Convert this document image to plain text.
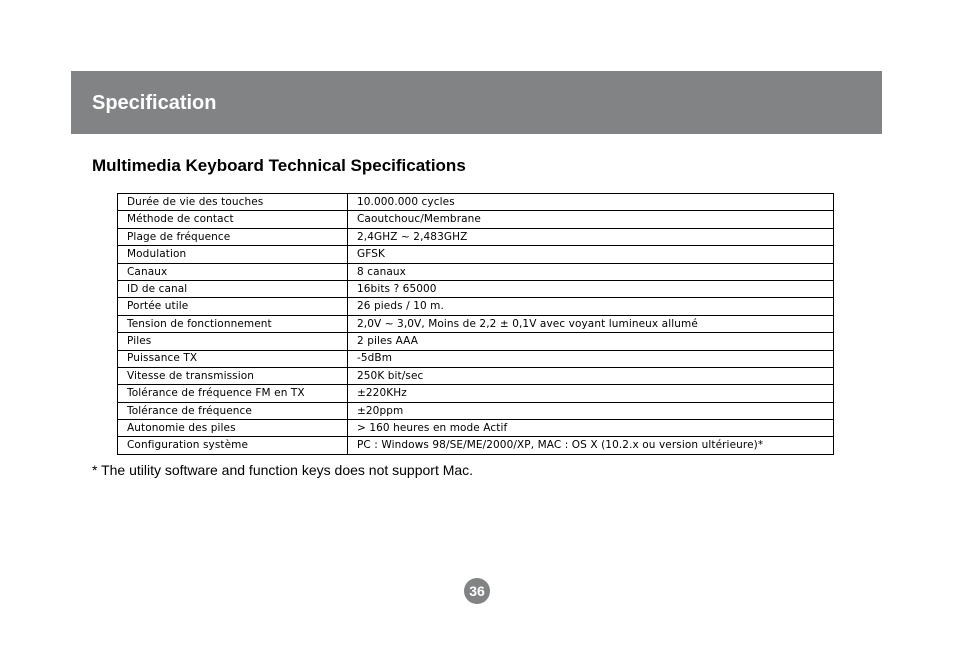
Specification
Multimedia Keyboard Technical Specifications
Durée de vie des touches	10.000.000 cycles
Méthode de contact	Caoutchouc/Membrane
Plage de fréquence	2,4GHZ ~ 2,483GHZ
Modulation	GFSK
Canaux	8 canaux
ID de canal	16bits ? 65000
Portée utile	26 pieds / 10 m.
Tension de fonctionnement	2,0V ~ 3,0V, Moins de 2,2 ± 0,1V avec voyant lumineux allumé
Piles	2 piles AAA
Puissance TX	-5dBm
Vitesse de transmission	250K bit/sec
Tolérance de fréquence FM en TX	±220KHz
Tolérance de fréquence	±20ppm
Autonomie des piles	> 160 heures en mode Actif
Configuration système	PC : Windows 98/SE/ME/2000/XP, MAC : OS X (10.2.x ou version ultérieure)*

* The utility software and function keys does not support Mac.

36
